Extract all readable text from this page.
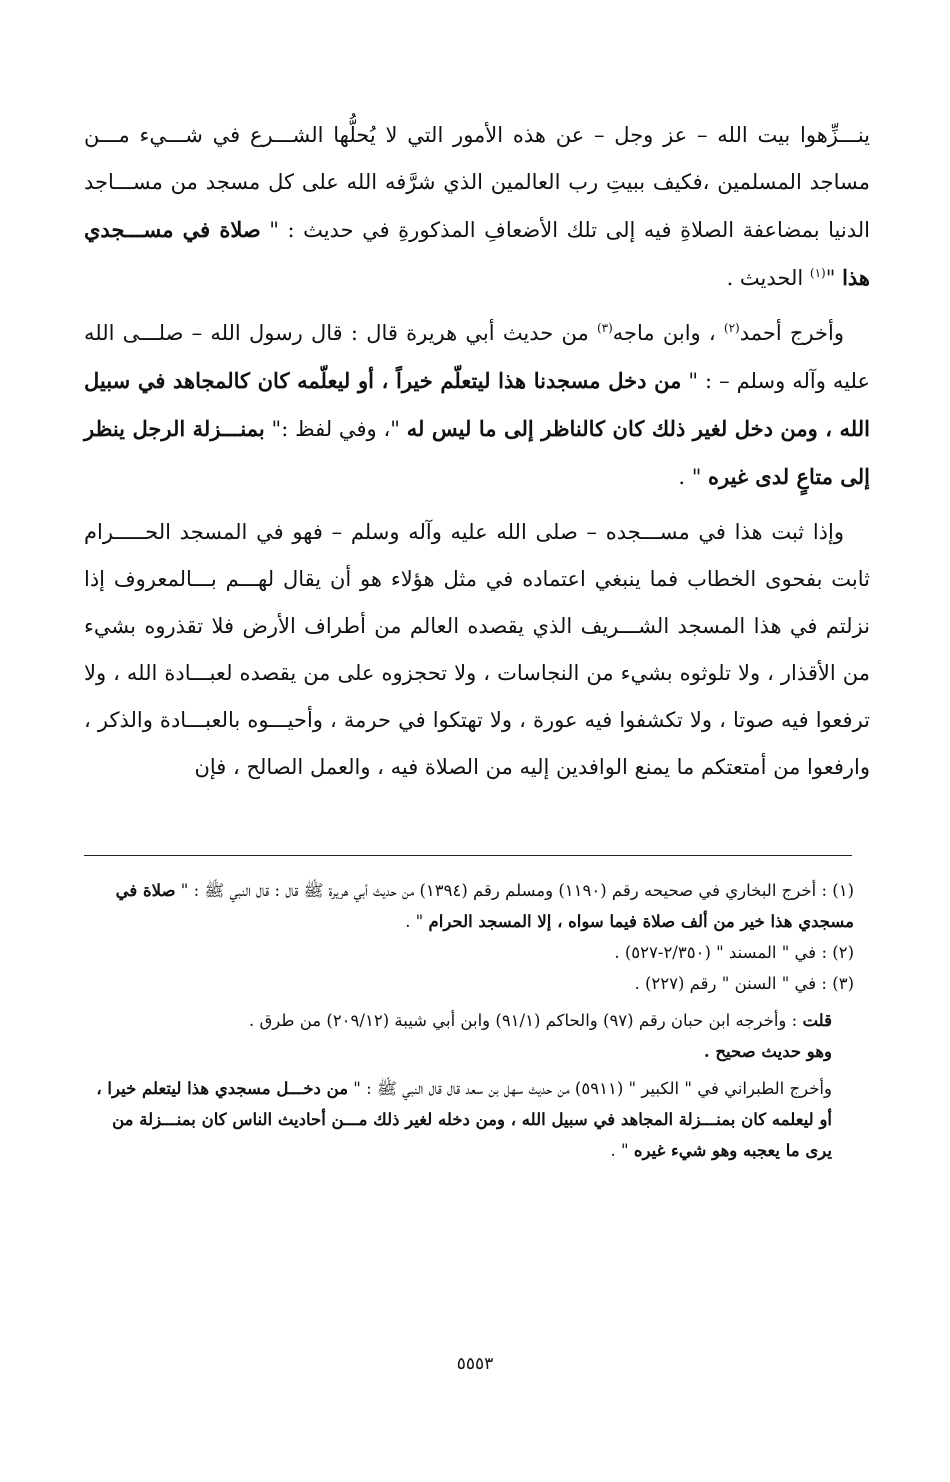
ينـــزِّهوا بيت الله – عز وجل – عن هذه الأمور التي لا يُحلُّها الشـــرع في شـــيء مـــن مساجد المسلمين ،فكيف ببيتِ رب العالمين الذي شرَّفه الله على كل مسجد من مســـاجد الدنيا بمضاعفة الصلاةِ فيه إلى تلك الأضعافِ المذكورةِ في حديث : " صلاة في مســـجدي هذا "$^{(١)}$ الحديث .

وأخرج أحمد$^{(٢)}$ ، وابن ماجه$^{(٣)}$ من حديث أبي هريرة قال : قال رسول الله – صلـــى الله عليه وآله وسلم – : " من دخل مسجدنا هذا ليتعلّم خيراً ، أو ليعلّمه كان كالمجاهد في سبيل الله ، ومن دخل لغير ذلك كان كالناظر إلى ما ليس له "، وفي لفظ :" بمنـــزلة الرجل ينظر إلى متاعٍ لدى غيره " .

وإذا ثبت هذا في مســـجده – صلى الله عليه وآله وسلم – فهو في المسجد الحـــــرام ثابت بفحوى الخطاب فما ينبغي اعتماده في مثل هؤلاء هو أن يقال لهـــم بـــالمعروف إذا نزلتم في هذا المسجد الشـــريف الذي يقصده العالم من أطراف الأرض فلا تقذروه بشيء من الأقذار ، ولا تلوثوه بشيء من النجاسات ، ولا تحجزوه على من يقصده لعبـــادة الله ، ولا ترفعوا فيه صوتا ، ولا تكشفوا فيه عورة ، ولا تهتكوا في حرمة ، وأحيـــوه بالعبـــادة والذكر ، وارفعوا من أمتعتكم ما يمنع الوافدين إليه من الصلاة فيه ، والعمل الصالح ، فإن

(١) : أخرج البخاري في صحيحه رقم (١١٩٠) ومسلم رقم (١٣٩٤) من حديث أبي هريرة ﷺ قال : قال النبي ﷺ : " صلاة في مسجدي هذا خير من ألف صلاة فيما سواه ، إلا المسجد الحرام " .

(٢) : في " المسند " (٢/٣٥٠-٥٢٧) .

(٣) : في " السنن " رقم (٢٢٧) .

قلت : وأخرجه ابن حبان رقم (٩٧) والحاكم (٩١/١) وابن أبي شيبة (٢٠٩/١٢) من طرق .

وهو حديث صحيح .

وأخرج الطبراني في " الكبير " (٥٩١١) من حديث سهل بن سعد قال قال النبي ﷺ : " من دخـــل مسجدي هذا ليتعلم خيرا ، أو ليعلمه كان بمنـــزلة المجاهد في سبيل الله ، ومن دخله لغير ذلك مـــن أحاديث الناس كان بمنـــزلة من يرى ما يعجبه وهو شيء غيره " .

٥٥٥٣
